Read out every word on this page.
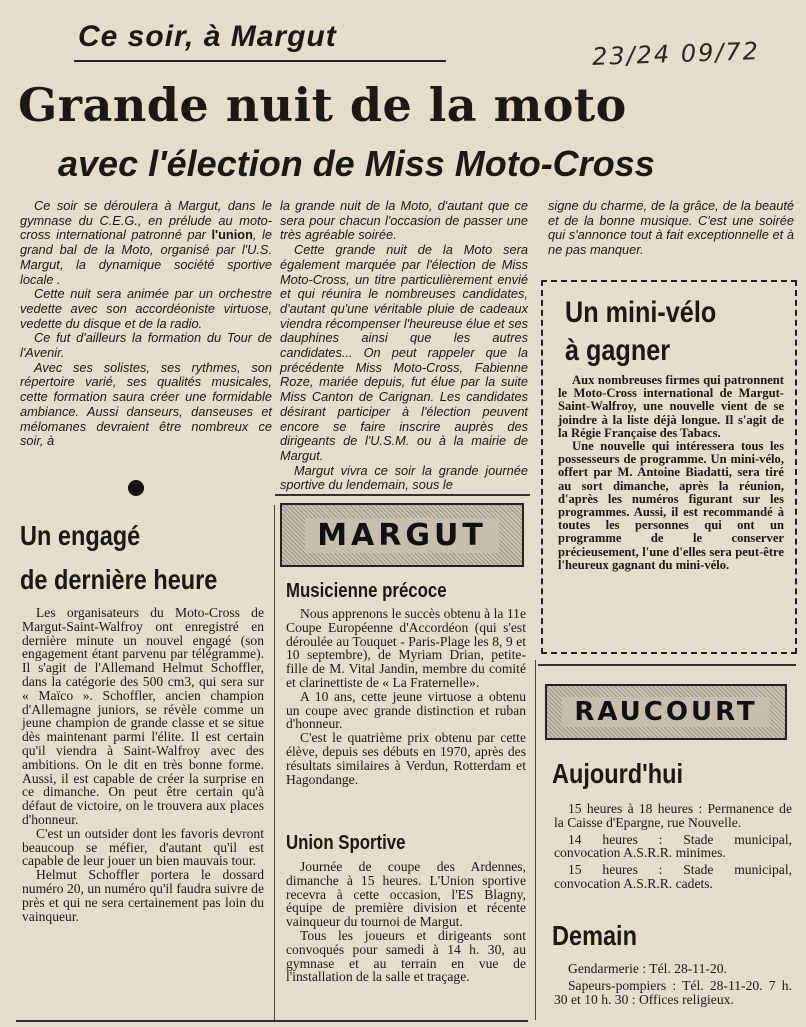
Ce soir, à Margut
23/24 09/72
Grande nuit de la moto
avec l'élection de Miss Moto-Cross

Ce soir se déroulera à Margut, dans le gymnase du C.E.G., en prélude au moto-cross international patronné par l'union, le grand bal de la Moto, organisé par l'U.S. Margut, la dynamique société sportive locale .

Cette nuit sera animée par un orchestre vedette avec son accordéoniste virtuose, vedette du disque et de la radio.

Ce fut d'ailleurs la formation du Tour de l'Avenir.

Avec ses solistes, ses rythmes, son répertoire varié, ses qualités musicales, cette formation saura créer une formidable ambiance. Aussi danseurs, danseuses et mélomanes devraient être nombreux ce soir, à

la grande nuit de la Moto, d'autant que ce sera pour chacun l'occasion de passer une très agréable soirée.

Cette grande nuit de la Moto sera également marquée par l'élection de Miss Moto-Cross, un titre particulièrement envié et qui réunira le nombreuses candidates, d'autant qu'une véritable pluie de cadeaux viendra récompenser l'heureuse élue et ses dauphines ainsi que les autres candidates... On peut rappeler que la précédente Miss Moto-Cross, Fabienne Roze, mariée depuis, fut élue par la suite Miss Canton de Carignan. Les candidates désirant participer à l'élection peuvent encore se faire inscrire auprès des dirigeants de l'U.S.M. ou à la mairie de Margut.

Margut vivra ce soir la grande journée sportive du lendemain, sous le

signe du charme, de la grâce, de la beauté et de la bonne musique. C'est une soirée qui s'annonce tout à fait exceptionnelle et à ne pas manquer.

Un mini-vélo
à gagner

Aux nombreuses firmes qui patronnent le Moto-Cross international de Margut-Saint-Walfroy, une nouvelle vient de se joindre à la liste déjà longue. Il s'agit de la Régie Française des Tabacs.

Une nouvelle qui intéressera tous les possesseurs de programme. Un mini-vélo, offert par M. Antoine Biadatti, sera tiré au sort dimanche, après la réunion, d'après les numéros figurant sur les programmes. Aussi, il est recommandé à toutes les personnes qui ont un programme de le conserver précieusement, l'une d'elles sera peut-être l'heureux gagnant du mini-vélo.

Un engagé
de dernière heure

Les organisateurs du Moto-Cross de Margut-Saint-Walfroy ont enregistré en dernière minute un nouvel engagé (son engagement étant parvenu par télégramme). Il s'agit de l'Allemand Helmut Schoffler, dans la catégorie des 500 cm3, qui sera sur « Maïco ». Schoffler, ancien champion d'Allemagne juniors, se révèle comme un jeune champion de grande classe et se situe dès maintenant parmi l'élite. Il est certain qu'il viendra à Saint-Walfroy avec des ambitions. On le dit en très bonne forme. Aussi, il est capable de créer la surprise en ce dimanche. On peut être certain qu'à défaut de victoire, on le trouvera aux places d'honneur.

C'est un outsider dont les favoris devront beaucoup se méfier, d'autant qu'il est capable de leur jouer un bien mauvais tour.

Helmut Schoffler portera le dossard numéro 20, un numéro qu'il faudra suivre de près et qui ne sera certainement pas loin du vainqueur.

MARGUT
Musicienne précoce

Nous apprenons le succès obtenu à la 11e Coupe Européenne d'Accordéon (qui s'est déroulée au Touquet - Paris-Plage les 8, 9 et 10 septembre), de Myriam Drian, petite-fille de M. Vital Jandin, membre du comité et clarinettiste de « La Fraternelle».

A 10 ans, cette jeune virtuose a obtenu un coupe avec grande distinction et ruban d'honneur.

C'est le quatrième prix obtenu par cette élève, depuis ses débuts en 1970, après des résultats similaires à Verdun, Rotterdam et Hagondange.

Union Sportive

Journée de coupe des Ardennes, dimanche à 15 heures. L'Union sportive recevra à cette occasion, l'ES Blagny, équipe de première division et récente vainqueur du tournoi de Margut.

Tous les joueurs et dirigeants sont convoqués pour samedi à 14 h. 30, au gymnase et au terrain en vue de l'installation de la salle et traçage.

RAUCOURT
Aujourd'hui

15 heures à 18 heures : Permanence de la Caisse d'Epargne, rue Nouvelle.

14 heures : Stade municipal, convocation A.S.R.R. minimes.

15 heures : Stade municipal, convocation A.S.R.R. cadets.

Demain

Gendarmerie : Tél. 28-11-20.

Sapeurs-pompiers : Tél. 28-11-20. 7 h. 30 et 10 h. 30 : Offices religieux.
